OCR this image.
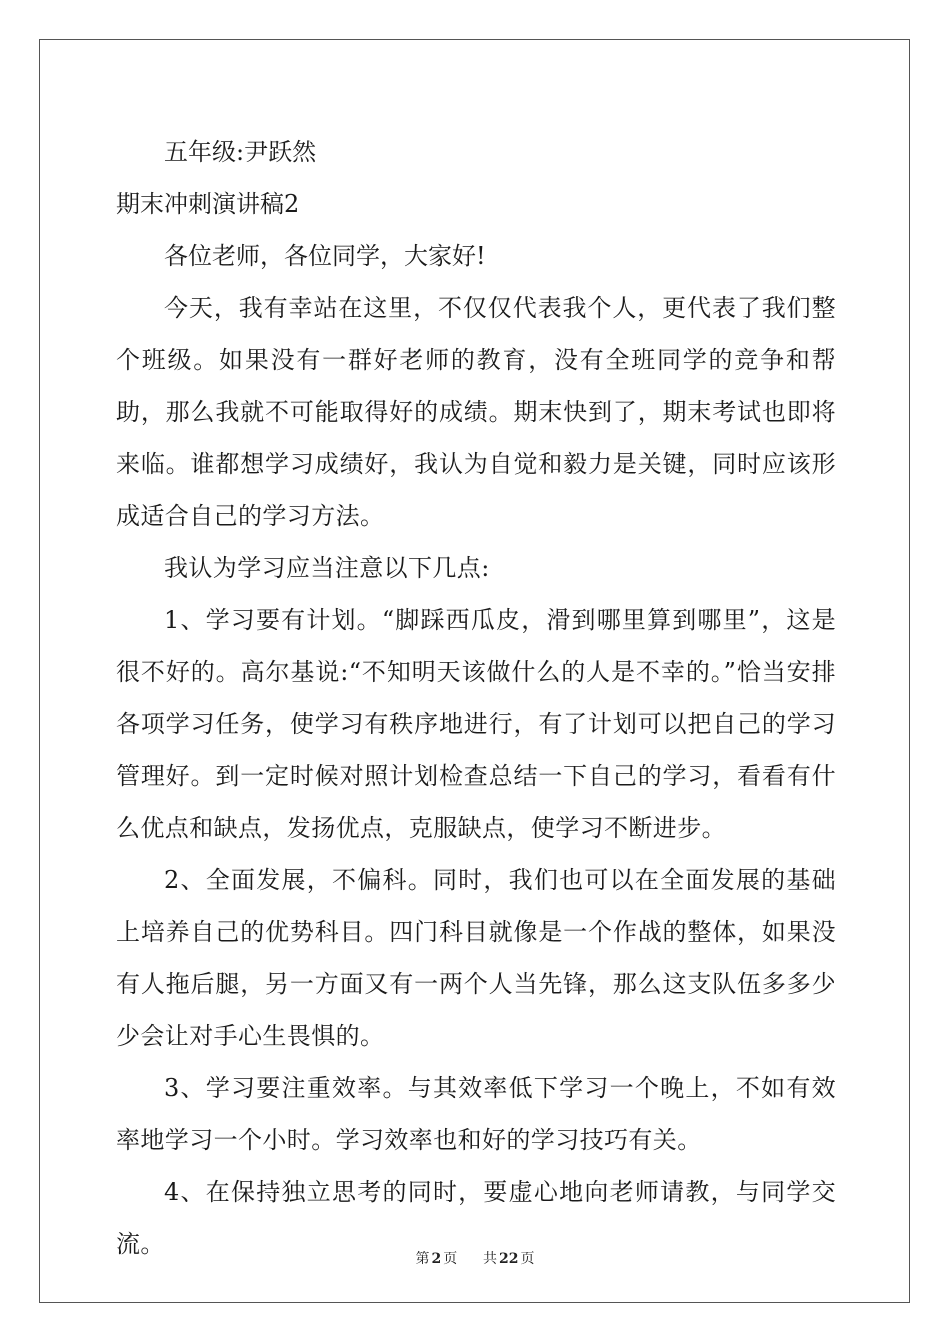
五年级:尹跃然

期末冲刺演讲稿2

各位老师，各位同学，大家好!

今天，我有幸站在这里，不仅仅代表我个人，更代表了我们整个班级。如果没有一群好老师的教育，没有全班同学的竞争和帮助，那么我就不可能取得好的成绩。期末快到了，期末考试也即将来临。谁都想学习成绩好，我认为自觉和毅力是关键，同时应该形成适合自己的学习方法。

我认为学习应当注意以下几点:

1、学习要有计划。“脚踩西瓜皮，滑到哪里算到哪里”，这是很不好的。高尔基说:“不知明天该做什么的人是不幸的。”恰当安排各项学习任务，使学习有秩序地进行，有了计划可以把自己的学习管理好。到一定时候对照计划检查总结一下自己的学习，看看有什么优点和缺点，发扬优点，克服缺点，使学习不断进步。

2、全面发展，不偏科。同时，我们也可以在全面发展的基础上培养自己的优势科目。四门科目就像是一个作战的整体，如果没有人拖后腿，另一方面又有一两个人当先锋，那么这支队伍多多少少会让对手心生畏惧的。

3、学习要注重效率。与其效率低下学习一个晚上，不如有效率地学习一个小时。学习效率也和好的学习技巧有关。

4、在保持独立思考的同时，要虚心地向老师请教，与同学交流。

第 2 页 共 22 页
